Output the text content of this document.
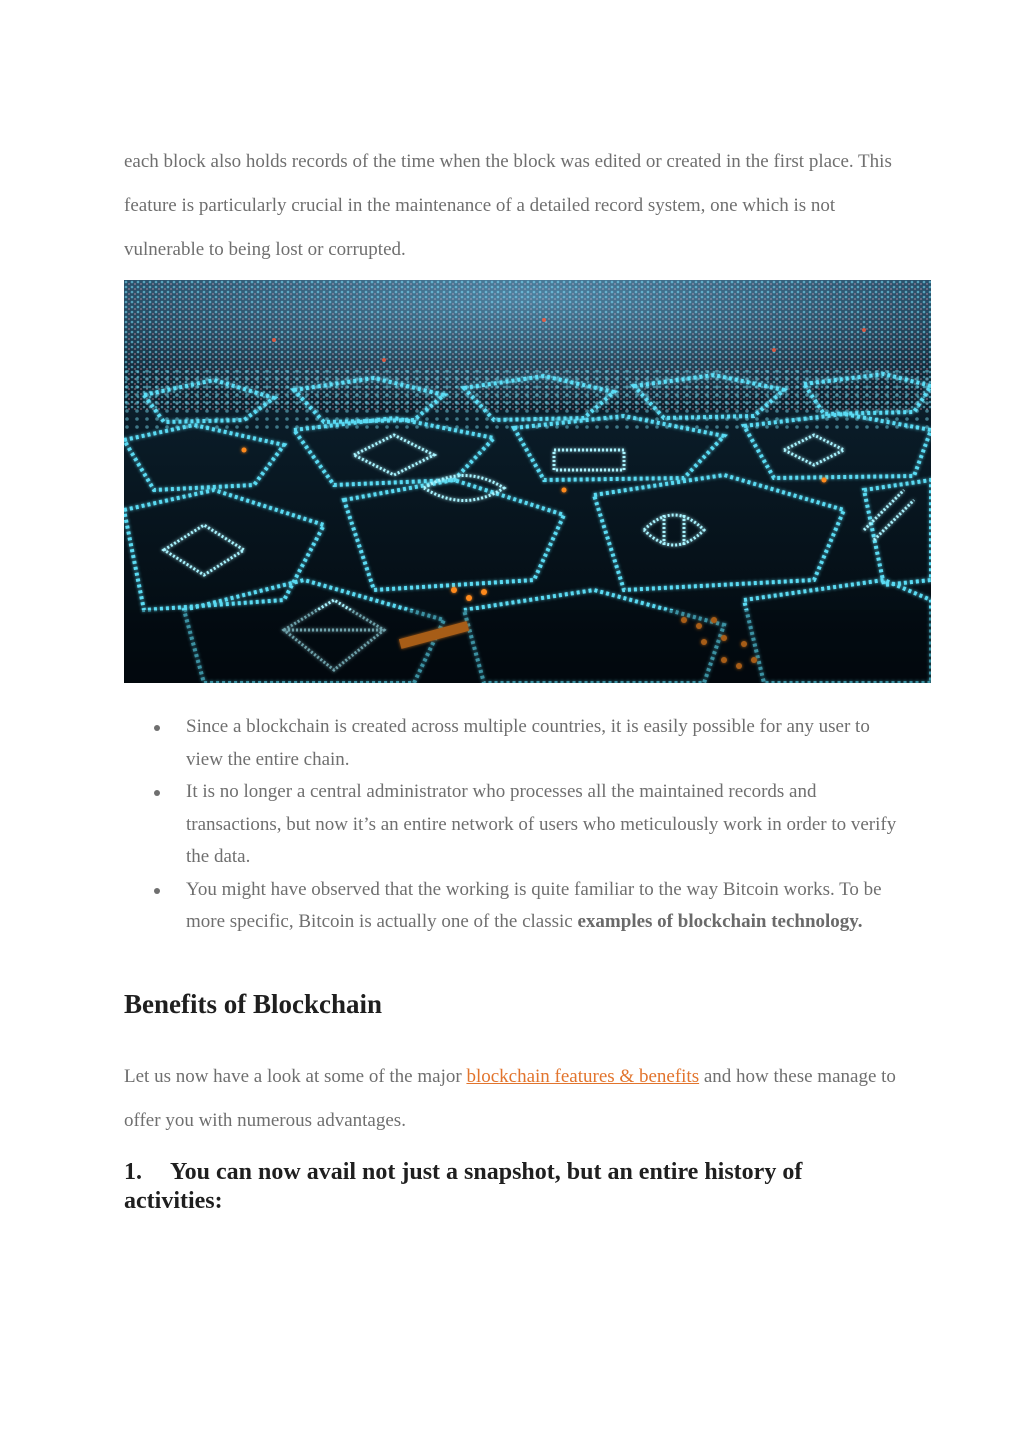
each block also holds records of the time when the block was edited or created in the first place. This feature is particularly crucial in the maintenance of a detailed record system, one which is not vulnerable to being lost or corrupted.

Since a blockchain is created across multiple countries, it is easily possible for any user to view the entire chain.
It is no longer a central administrator who processes all the maintained records and transactions, but now it’s an entire network of users who meticulously work in order to verify the data.
You might have observed that the working is quite familiar to the way Bitcoin works. To be more specific, Bitcoin is actually one of the classic examples of blockchain technology.
Benefits of Blockchain

Let us now have a look at some of the major blockchain features & benefits and how these manage to offer you with numerous advantages.

1. You can now avail not just a snapshot, but an entire history of activities:
